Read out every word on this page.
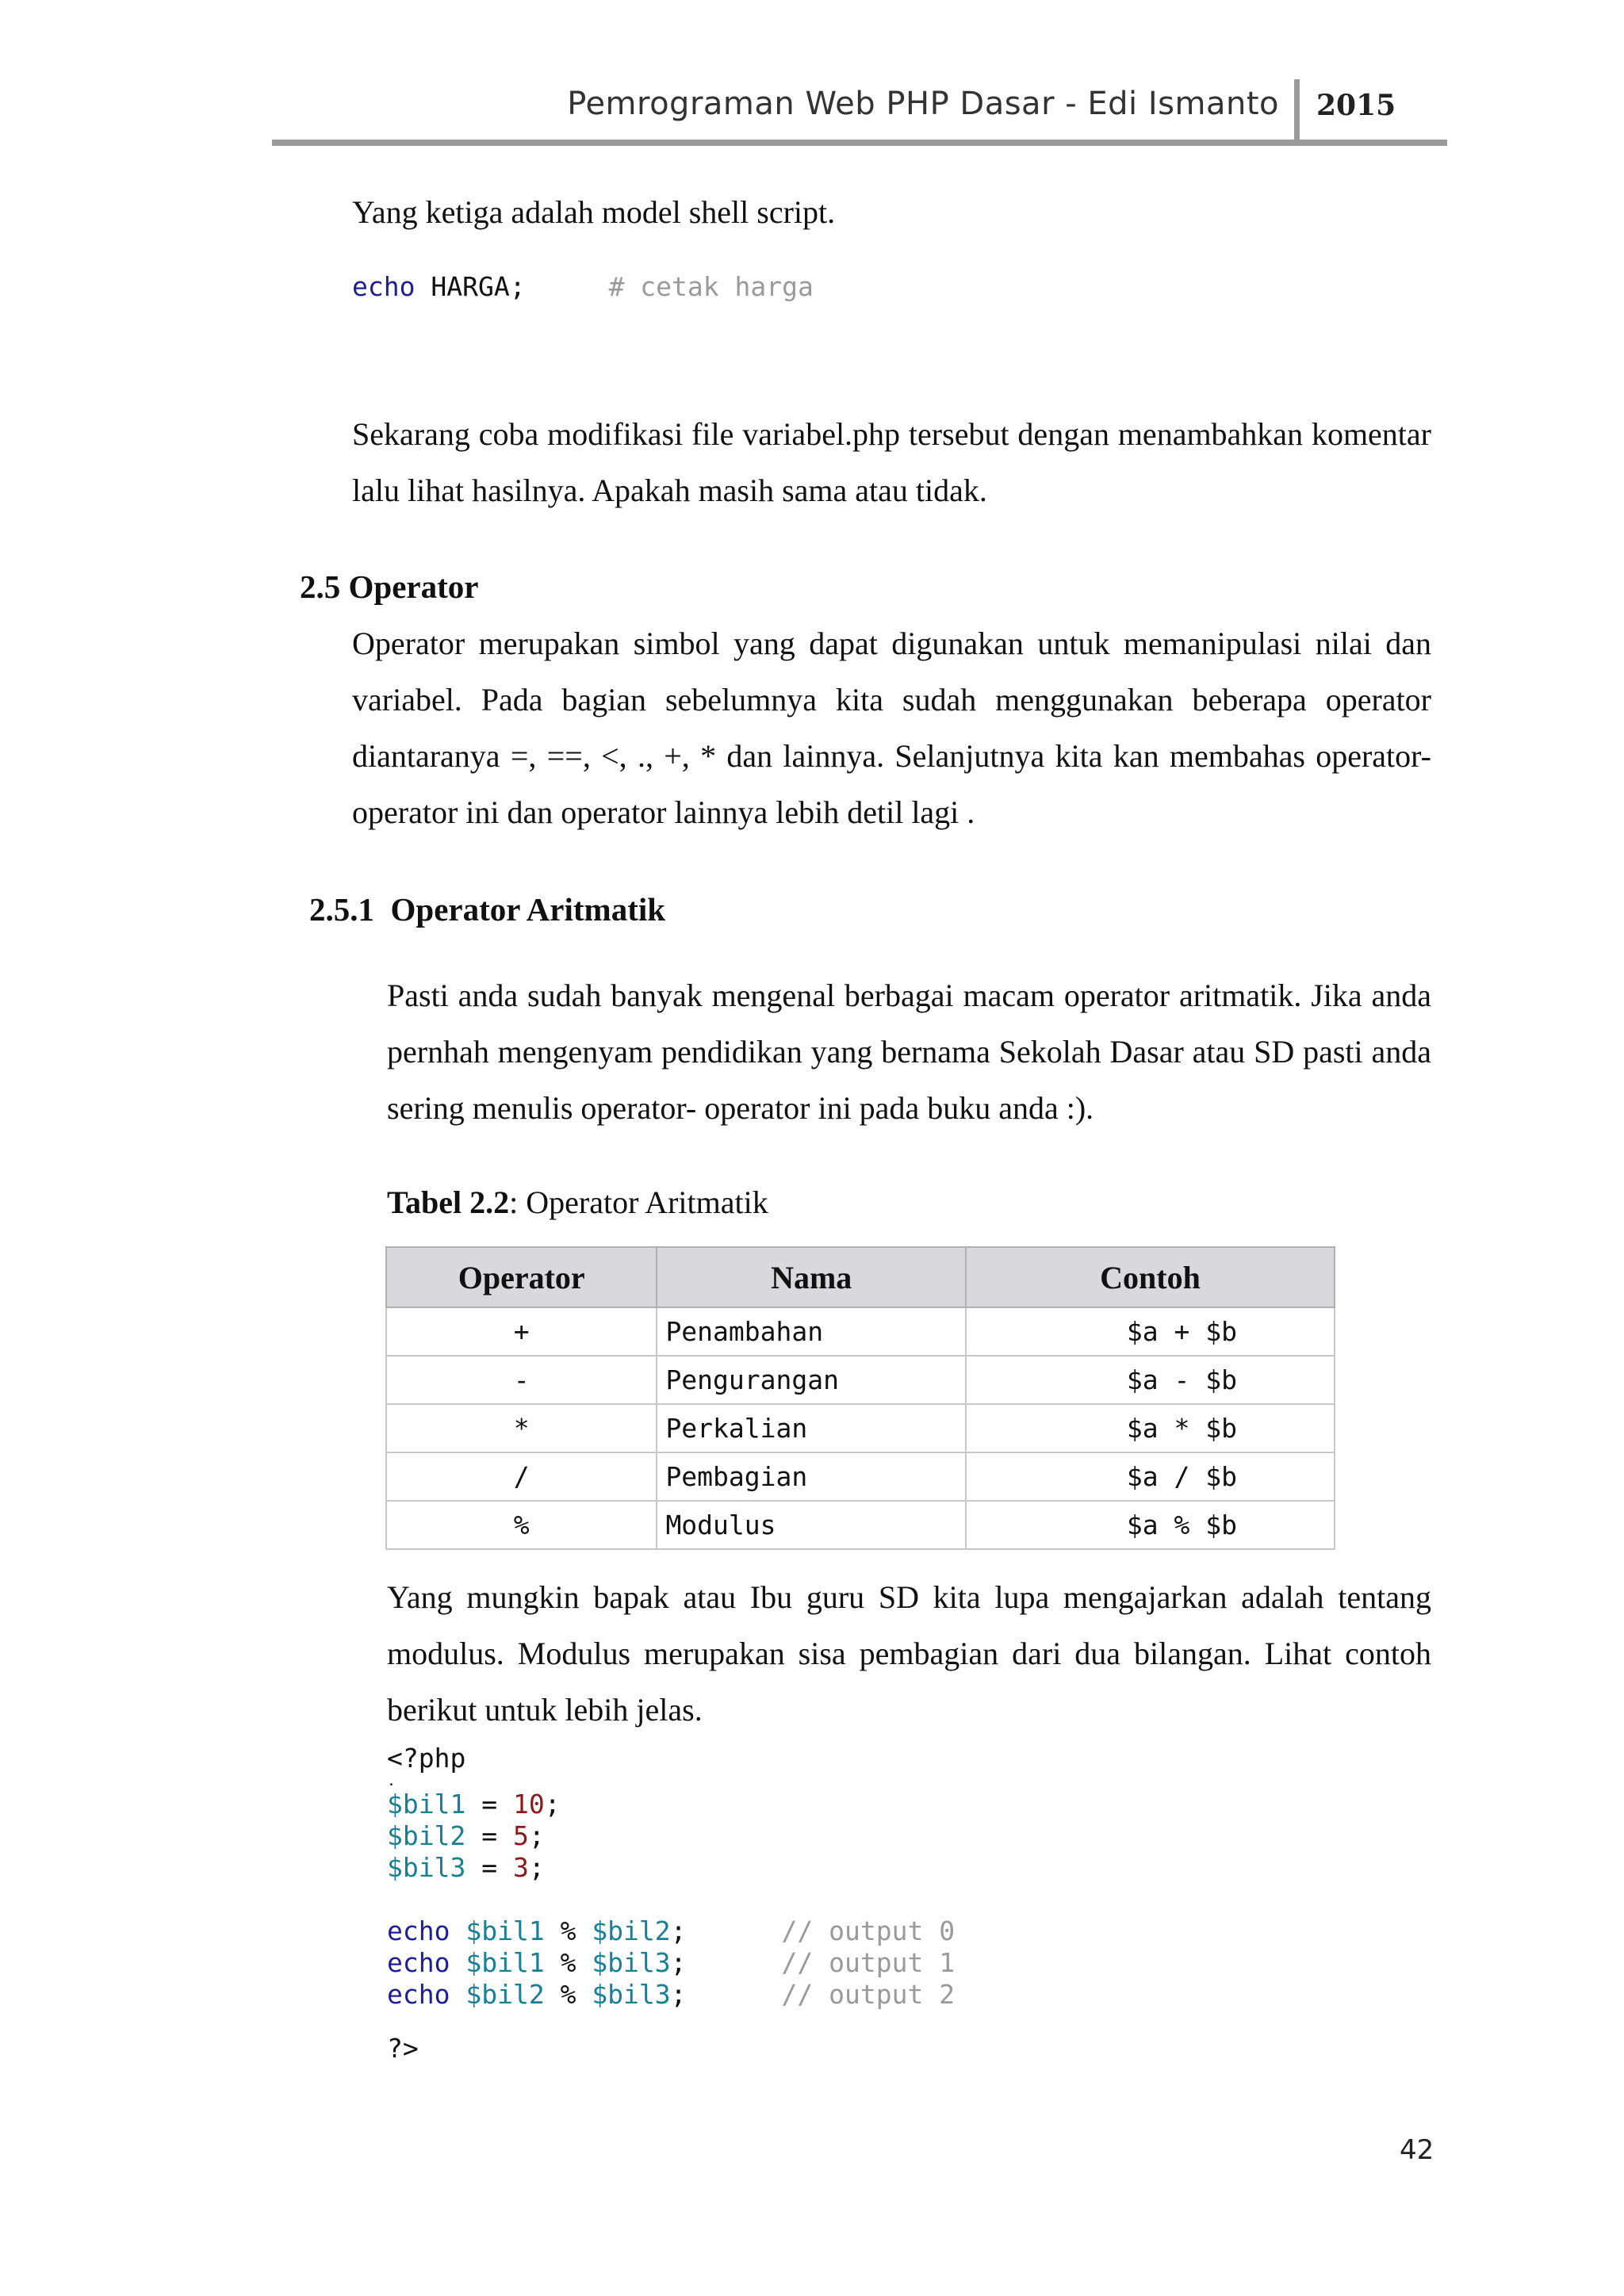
Pemrograman Web PHP Dasar - Edi Ismanto 2015
Yang ketiga adalah model shell script.
echo HARGA;	# cetak harga
Sekarang coba modifikasi file variabel.php tersebut dengan menambahkan komentar lalu lihat hasilnya. Apakah masih sama atau tidak.
2.5 Operator
Operator merupakan simbol yang dapat digunakan untuk memanipulasi nilai dan variabel. Pada bagian sebelumnya kita sudah menggunakan beberapa operator diantaranya =, ==, <, ., +, * dan lainnya. Selanjutnya kita kan membahas operator-operator ini dan operator lainnya lebih detil lagi .
2.5.1  Operator Aritmatik
Pasti anda sudah banyak mengenal berbagai macam operator aritmatik. Jika anda pernhah mengenyam pendidikan yang bernama Sekolah Dasar atau SD pasti anda sering menulis operator- operator ini pada buku anda :).
Tabel 2.2: Operator Aritmatik
Operator	Nama	Contoh
+	Penambahan	$a + $b
-	Pengurangan	$a - $b
*	Perkalian	$a * $b
/	Pembagian	$a / $b
%	Modulus	$a % $b
Yang mungkin bapak atau Ibu guru SD kita lupa mengajarkan adalah tentang modulus. Modulus merupakan sisa pembagian dari dua bilangan. Lihat contoh berikut untuk lebih jelas.
<?php
.
$bil1 = 10;
$bil2 = 5;
$bil3 = 3;
echo $bil1 % $bil2;	// output 0
echo $bil1 % $bil3;	// output 1
echo $bil2 % $bil3;	// output 2
?>
42
